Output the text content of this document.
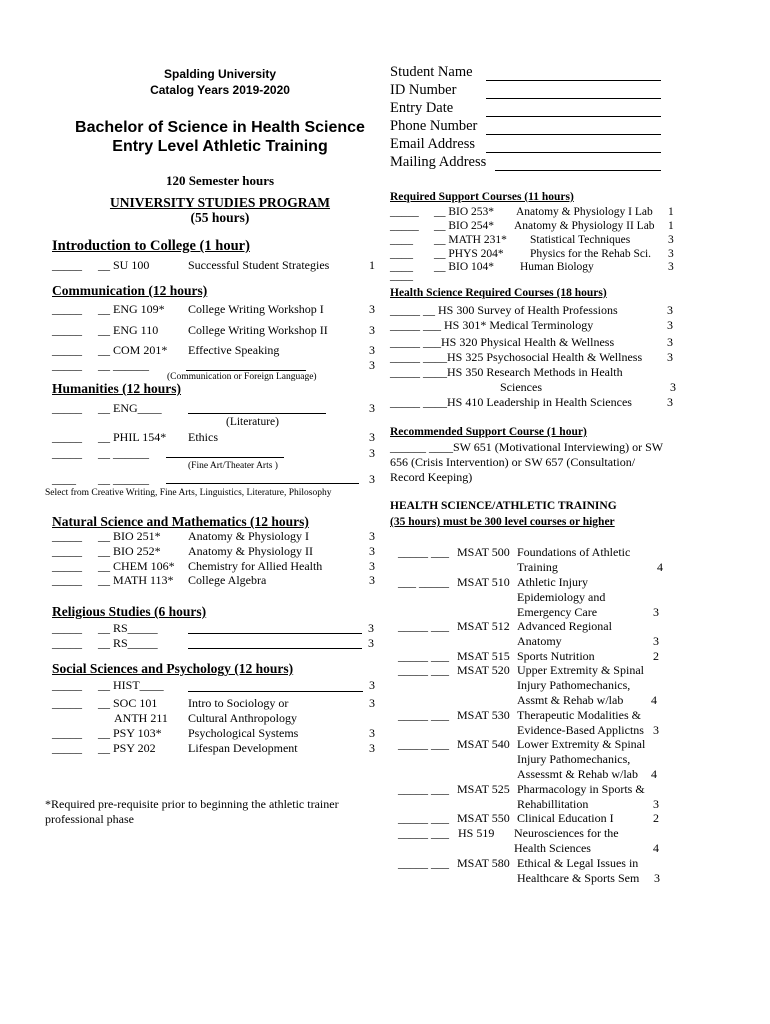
Spalding University
Catalog Years 2019-2020
Bachelor of Science in Health Science
Entry Level Athletic Training
Student Name
ID Number
Entry Date
Phone Number
Email Address
Mailing Address
120 Semester hours
UNIVERSITY STUDIES PROGRAM
(55 hours)
Introduction to College (1 hour)
_____ __ SU 100	Successful Student Strategies	1
Communication (12 hours)
_____ __ ENG 109* College Writing Workshop I	3
_____ __ ENG 110 College Writing Workshop II	3
_____ __ COM 201* Effective Speaking	3
_____ __ ______	3
(Communication or Foreign Language)
Humanities (12 hours)
_____ __ ENG____	3
_____ __ PHIL 154* Ethics	3
_____ __ ______	3
____ __ ______	3
(Literature)
(Fine Art/Theater Arts )
Select from Creative Writing, Fine Arts, Linguistics, Literature, Philosophy
Natural Science and Mathematics (12 hours)
_____ __ BIO 251* Anatomy & Physiology I	3
_____ __ BIO 252* Anatomy & Physiology II	3
_____ __ CHEM 106* Chemistry for Allied Health	3
_____ __ MATH 113* College Algebra	3
Religious Studies (6 hours)
_____ __ RS_____	3
_____ __ RS_____	3
Social Sciences and Psychology (12 hours)
_____ __ HIST____	3
_____ __ SOC 101	Intro to Sociology or	3
ANTH 211 Cultural Anthropology
_____ __ PSY 103* Psychological Systems	3
_____ __ PSY 202	Lifespan Development	3
*Required pre-requisite prior to beginning the athletic trainer
professional phase
Required Support Courses (11 hours)
_____ __ BIO 253* Anatomy & Physiology I Lab 1
_____ __ BIO 254* Anatomy & Physiology II Lab 1
____ __ MATH 231* Statistical Techniques	3
____ __ PHYS 204* Physics for the Rehab Sci. 3
____ __ BIO 104* Human Biology	3
____
Health Science Required Courses (18 hours)
_____ __ HS 300 Survey of Health Professions	3
_____ ___ HS 301* Medical Terminology	3
_____ ___HS 320 Physical Health & Wellness	3
_____ ____HS 325 Psychosocial Health & Wellness 3
_____ ____HS 350 Research Methods in Health
Sciences	3
_____ ____HS 410 Leadership in Health Sciences	3
Recommended Support Course (1 hour)
______ ____SW 651 (Motivational Interviewing) or SW
656 (Crisis Intervention) or SW 657 (Consultation/
Record Keeping)
HEALTH SCIENCE/ATHLETIC TRAINING
(35 hours) must be 300 level courses or higher
_____ ___ MSAT 500 Foundations of Athletic
Training	4
___ _____ MSAT 510 Athletic Injury
Epidemiology and
Emergency Care	3
_____ ___ MSAT 512 Advanced Regional
Anatomy	3
_____ ___ MSAT 515 Sports Nutrition	2
_____ ___ MSAT 520 Upper Extremity & Spinal
Injury Pathomechanics,
Assmt & Rehab w/lab 4
_____ ___ MSAT 530 Therapeutic Modalities &
Evidence-Based Applictns 3
_____ ___ MSAT 540 Lower Extremity & Spinal
Injury Pathomechanics,
Assessmt & Rehab w/lab 4
_____ ___ MSAT 525 Pharmacology in Sports &
Rehabillitation	3
_____ ___ MSAT 550 Clinical Education I	2
_____ ___ HS 519 Neurosciences for the
Health Sciences	4
_____ ___ MSAT 580 Ethical & Legal Issues in
Healthcare & Sports Sem 3
